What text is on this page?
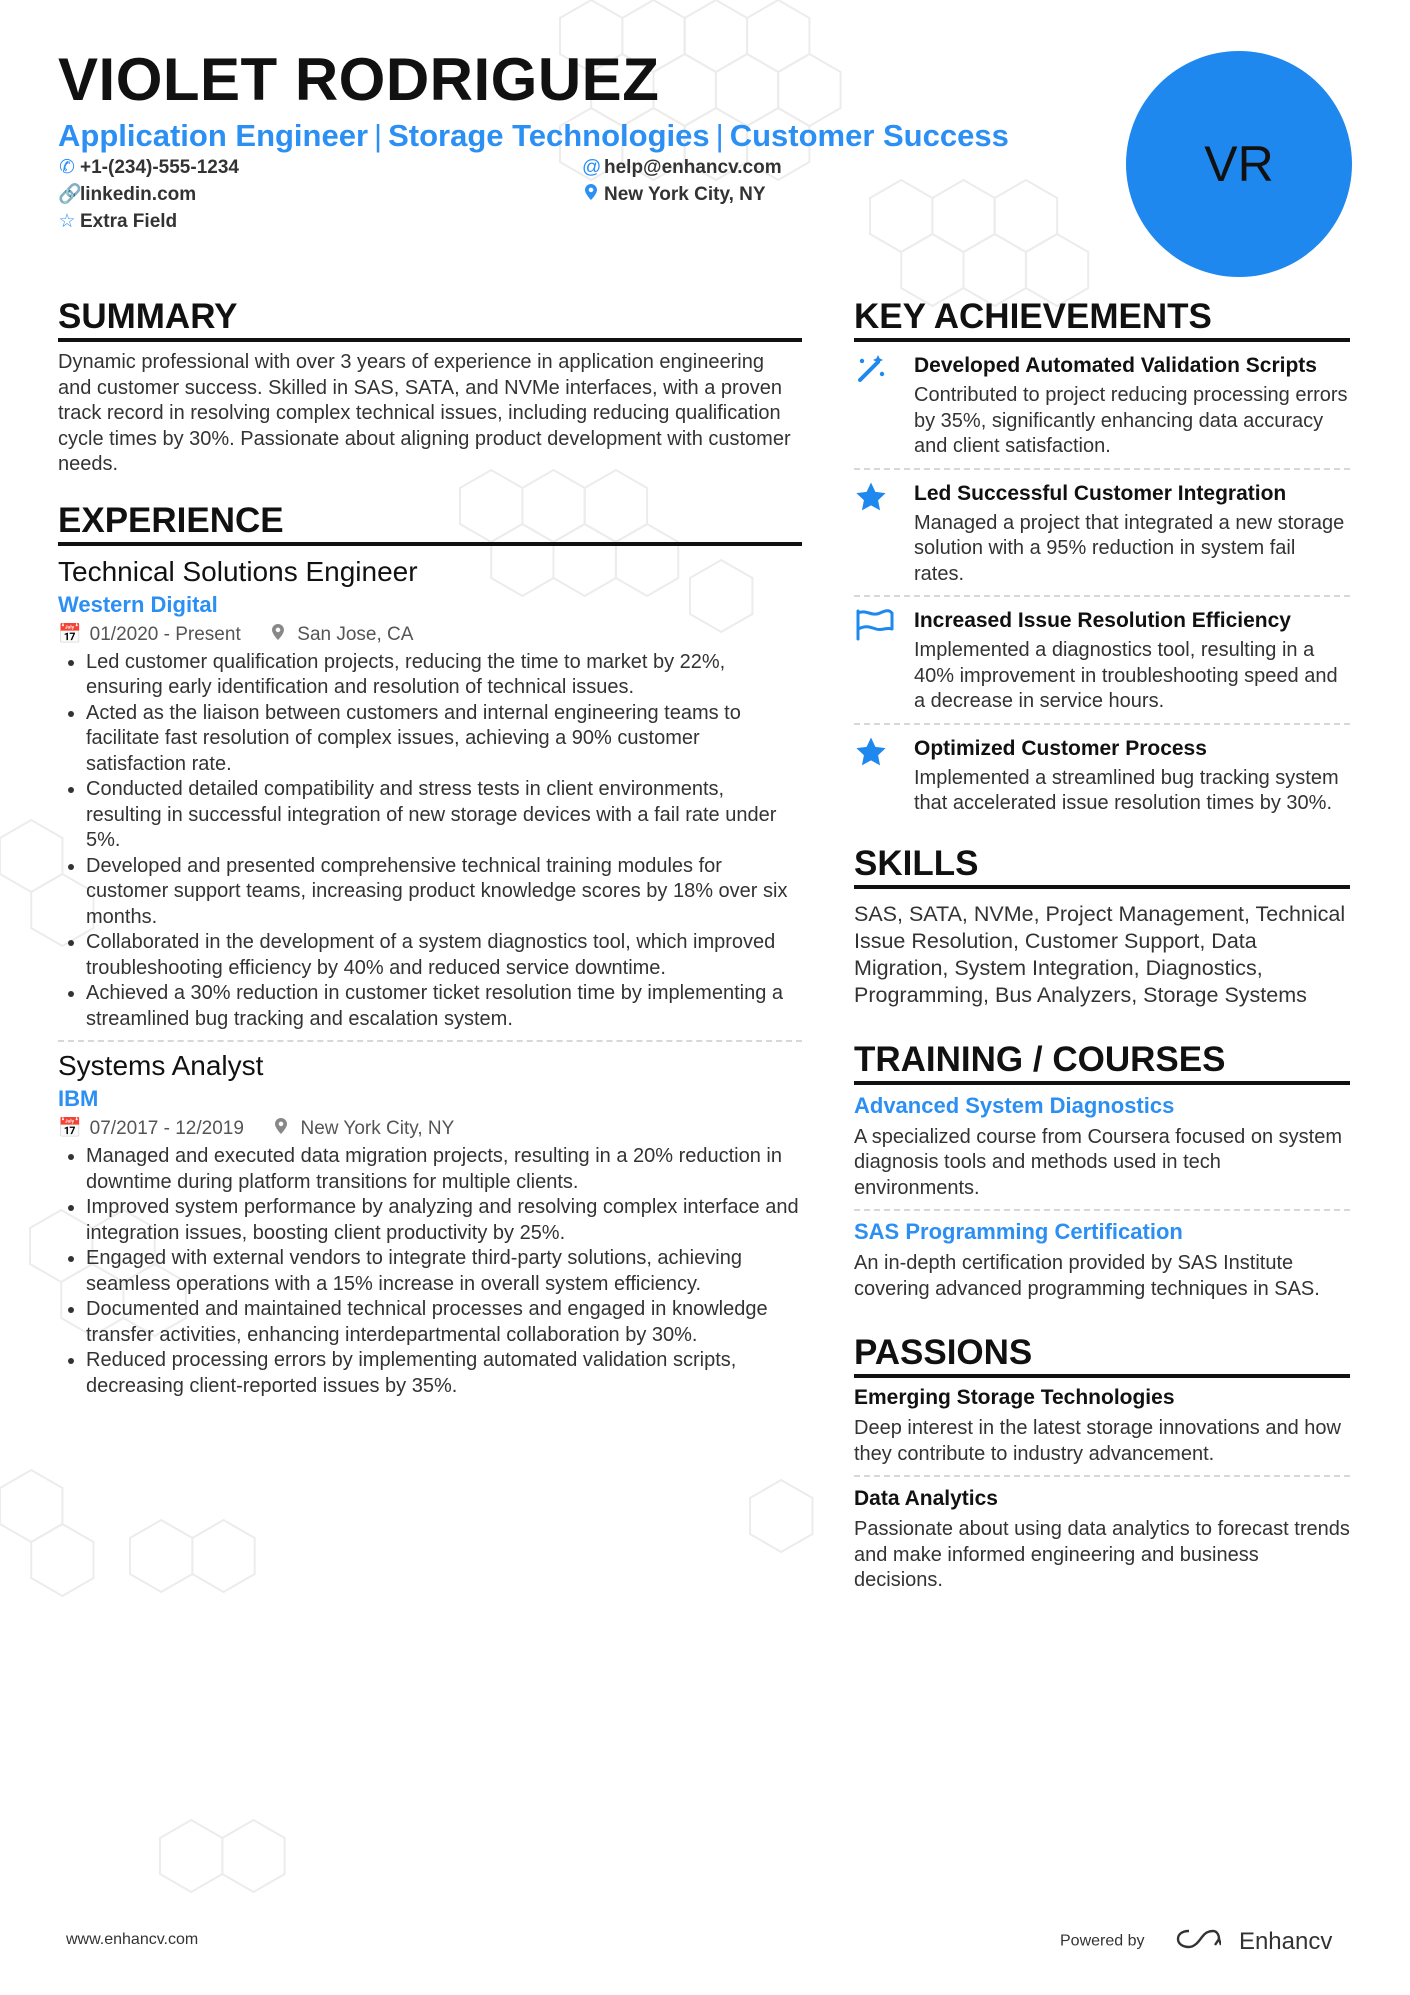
VIOLET RODRIGUEZ
Application Engineer | Storage Technologies | Customer Success
✆ +1-(234)-555-1234	@ help@enhancv.com
🔗linkedin.com	New York City, NY
☆ Extra Field
VR
SUMMARY

Dynamic professional with over 3 years of experience in application engineering and customer success. Skilled in SAS, SATA, and NVMe interfaces, with a proven track record in resolving complex technical issues, including reducing qualification cycle times by 30%. Passionate about aligning product development with customer needs.

EXPERIENCE

Technical Solutions Engineer

Western Digital

📅 01/2020 - Present	San Jose, CA
• Led customer qualification projects, reducing the time to market by 22%, ensuring early identification and resolution of technical issues.
• Acted as the liaison between customers and internal engineering teams to facilitate fast resolution of complex issues, achieving a 90% customer satisfaction rate.
• Conducted detailed compatibility and stress tests in client environments, resulting in successful integration of new storage devices with a fail rate under 5%.
• Developed and presented comprehensive technical training modules for customer support teams, increasing product knowledge scores by 18% over six months.
• Collaborated in the development of a system diagnostics tool, which improved troubleshooting efficiency by 40% and reduced service downtime.
• Achieved a 30% reduction in customer ticket resolution time by implementing a streamlined bug tracking and escalation system.

Systems Analyst

IBM

📅 07/2017 - 12/2019	New York City, NY
• Managed and executed data migration projects, resulting in a 20% reduction in downtime during platform transitions for multiple clients.
• Improved system performance by analyzing and resolving complex interface and integration issues, boosting client productivity by 25%.
• Engaged with external vendors to integrate third-party solutions, achieving seamless operations with a 15% increase in overall system efficiency.
• Documented and maintained technical processes and engaged in knowledge transfer activities, enhancing interdepartmental collaboration by 30%.
• Reduced processing errors by implementing automated validation scripts, decreasing client-reported issues by 35%.
KEY ACHIEVEMENTS

Developed Automated Validation Scripts

Contributed to project reducing processing errors by 35%, significantly enhancing data accuracy and client satisfaction.

Led Successful Customer Integration

Managed a project that integrated a new storage solution with a 95% reduction in system fail rates.

Increased Issue Resolution Efficiency

Implemented a diagnostics tool, resulting in a 40% improvement in troubleshooting speed and a decrease in service hours.

Optimized Customer Process

Implemented a streamlined bug tracking system that accelerated issue resolution times by 30%.

SKILLS

SAS, SATA, NVMe, Project Management, Technical Issue Resolution, Customer Support, Data Migration, System Integration, Diagnostics, Programming, Bus Analyzers, Storage Systems

TRAINING / COURSES

Advanced System Diagnostics

A specialized course from Coursera focused on system diagnosis tools and methods used in tech environments.

SAS Programming Certification

An in-depth certification provided by SAS Institute covering advanced programming techniques in SAS.

PASSIONS

Emerging Storage Technologies

Deep interest in the latest storage innovations and how they contribute to industry advancement.

Data Analytics

Passionate about using data analytics to forecast trends and make informed engineering and business decisions.

www.enhancv.com	Powered by	Enhancv
